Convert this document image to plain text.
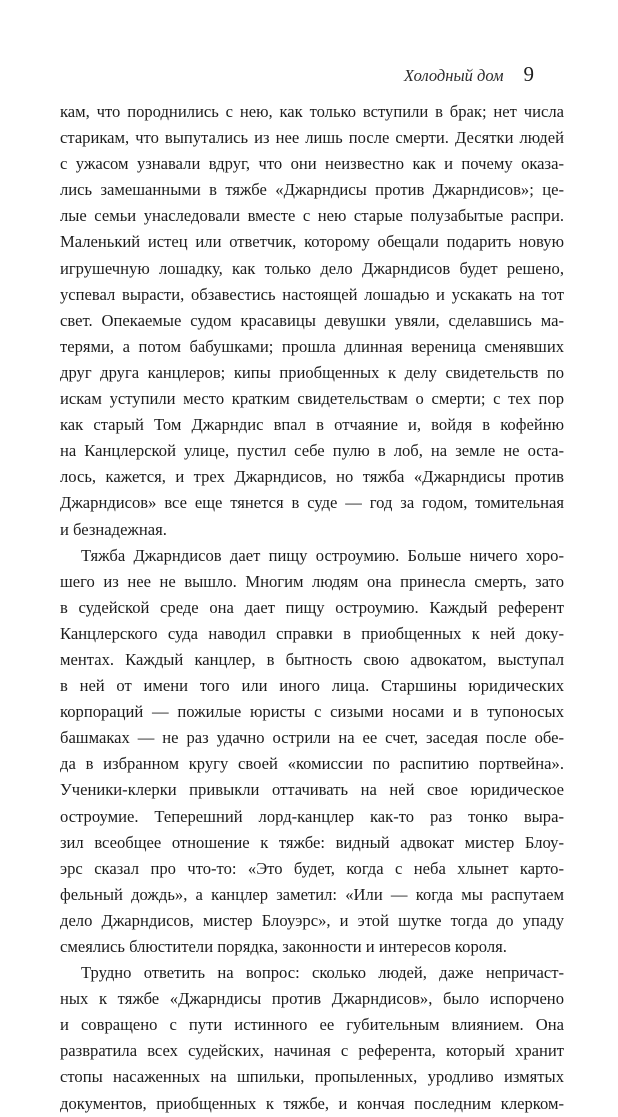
Холодный дом 9
кам, что породнились с нею, как только вступили в брак; нет числа
старикам, что выпутались из нее лишь после смерти. Десятки людей
с ужасом узнавали вдруг, что они неизвестно как и почему оказа-
лись замешанными в тяжбе «Джарндисы против Джарндисов»; це-
лые семьи унаследовали вместе с нею старые полузабытые распри.
Маленький истец или ответчик, которому обещали подарить новую
игрушечную лошадку, как только дело Джарндисов будет решено,
успевал вырасти, обзавестись настоящей лошадью и ускакать на тот
свет. Опекаемые судом красавицы девушки увяли, сделавшись ма-
терями, а потом бабушками; прошла длинная вереница сменявших
друг друга канцлеров; кипы приобщенных к делу свидетельств по
искам уступили место кратким свидетельствам о смерти; с тех пор
как старый Том Джарндис впал в отчаяние и, войдя в кофейню
на Канцлерской улице, пустил себе пулю в лоб, на земле не оста-
лось, кажется, и трех Джарндисов, но тяжба «Джарндисы против
Джарндисов» все еще тянется в суде — год за годом, томительная
и безнадежная.
Тяжба Джарндисов дает пищу остроумию. Больше ничего хоро-
шего из нее не вышло. Многим людям она принесла смерть, зато
в судейской среде она дает пищу остроумию. Каждый референт
Канцлерского суда наводил справки в приобщенных к ней доку-
ментах. Каждый канцлер, в бытность свою адвокатом, выступал
в ней от имени того или иного лица. Старшины юридических
корпораций — пожилые юристы с сизыми носами и в тупоносых
башмаках — не раз удачно острили на ее счет, заседая после обе-
да в избранном кругу своей «комиссии по распитию портвейна».
Ученики-клерки привыкли оттачивать на ней свое юридическое
остроумие. Теперешний лорд-канцлер как-то раз тонко выра-
зил всеобщее отношение к тяжбе: видный адвокат мистер Блоу-
эрс сказал про что-то: «Это будет, когда с неба хлынет карто-
фельный дождь», а канцлер заметил: «Или — когда мы распутаем
дело Джарндисов, мистер Блоуэрс», и этой шутке тогда до упаду
смеялись блюстители порядка, законности и интересов короля.
Трудно ответить на вопрос: сколько людей, даже непричаст-
ных к тяжбе «Джарндисы против Джарндисов», было испорчено
и совращено с пути истинного ее губительным влиянием. Она
развратила всех судейских, начиная с референта, который хранит
стопы насаженных на шпильки, пропыленных, уродливо измятых
документов, приобщенных к тяжбе, и кончая последним клерком-
